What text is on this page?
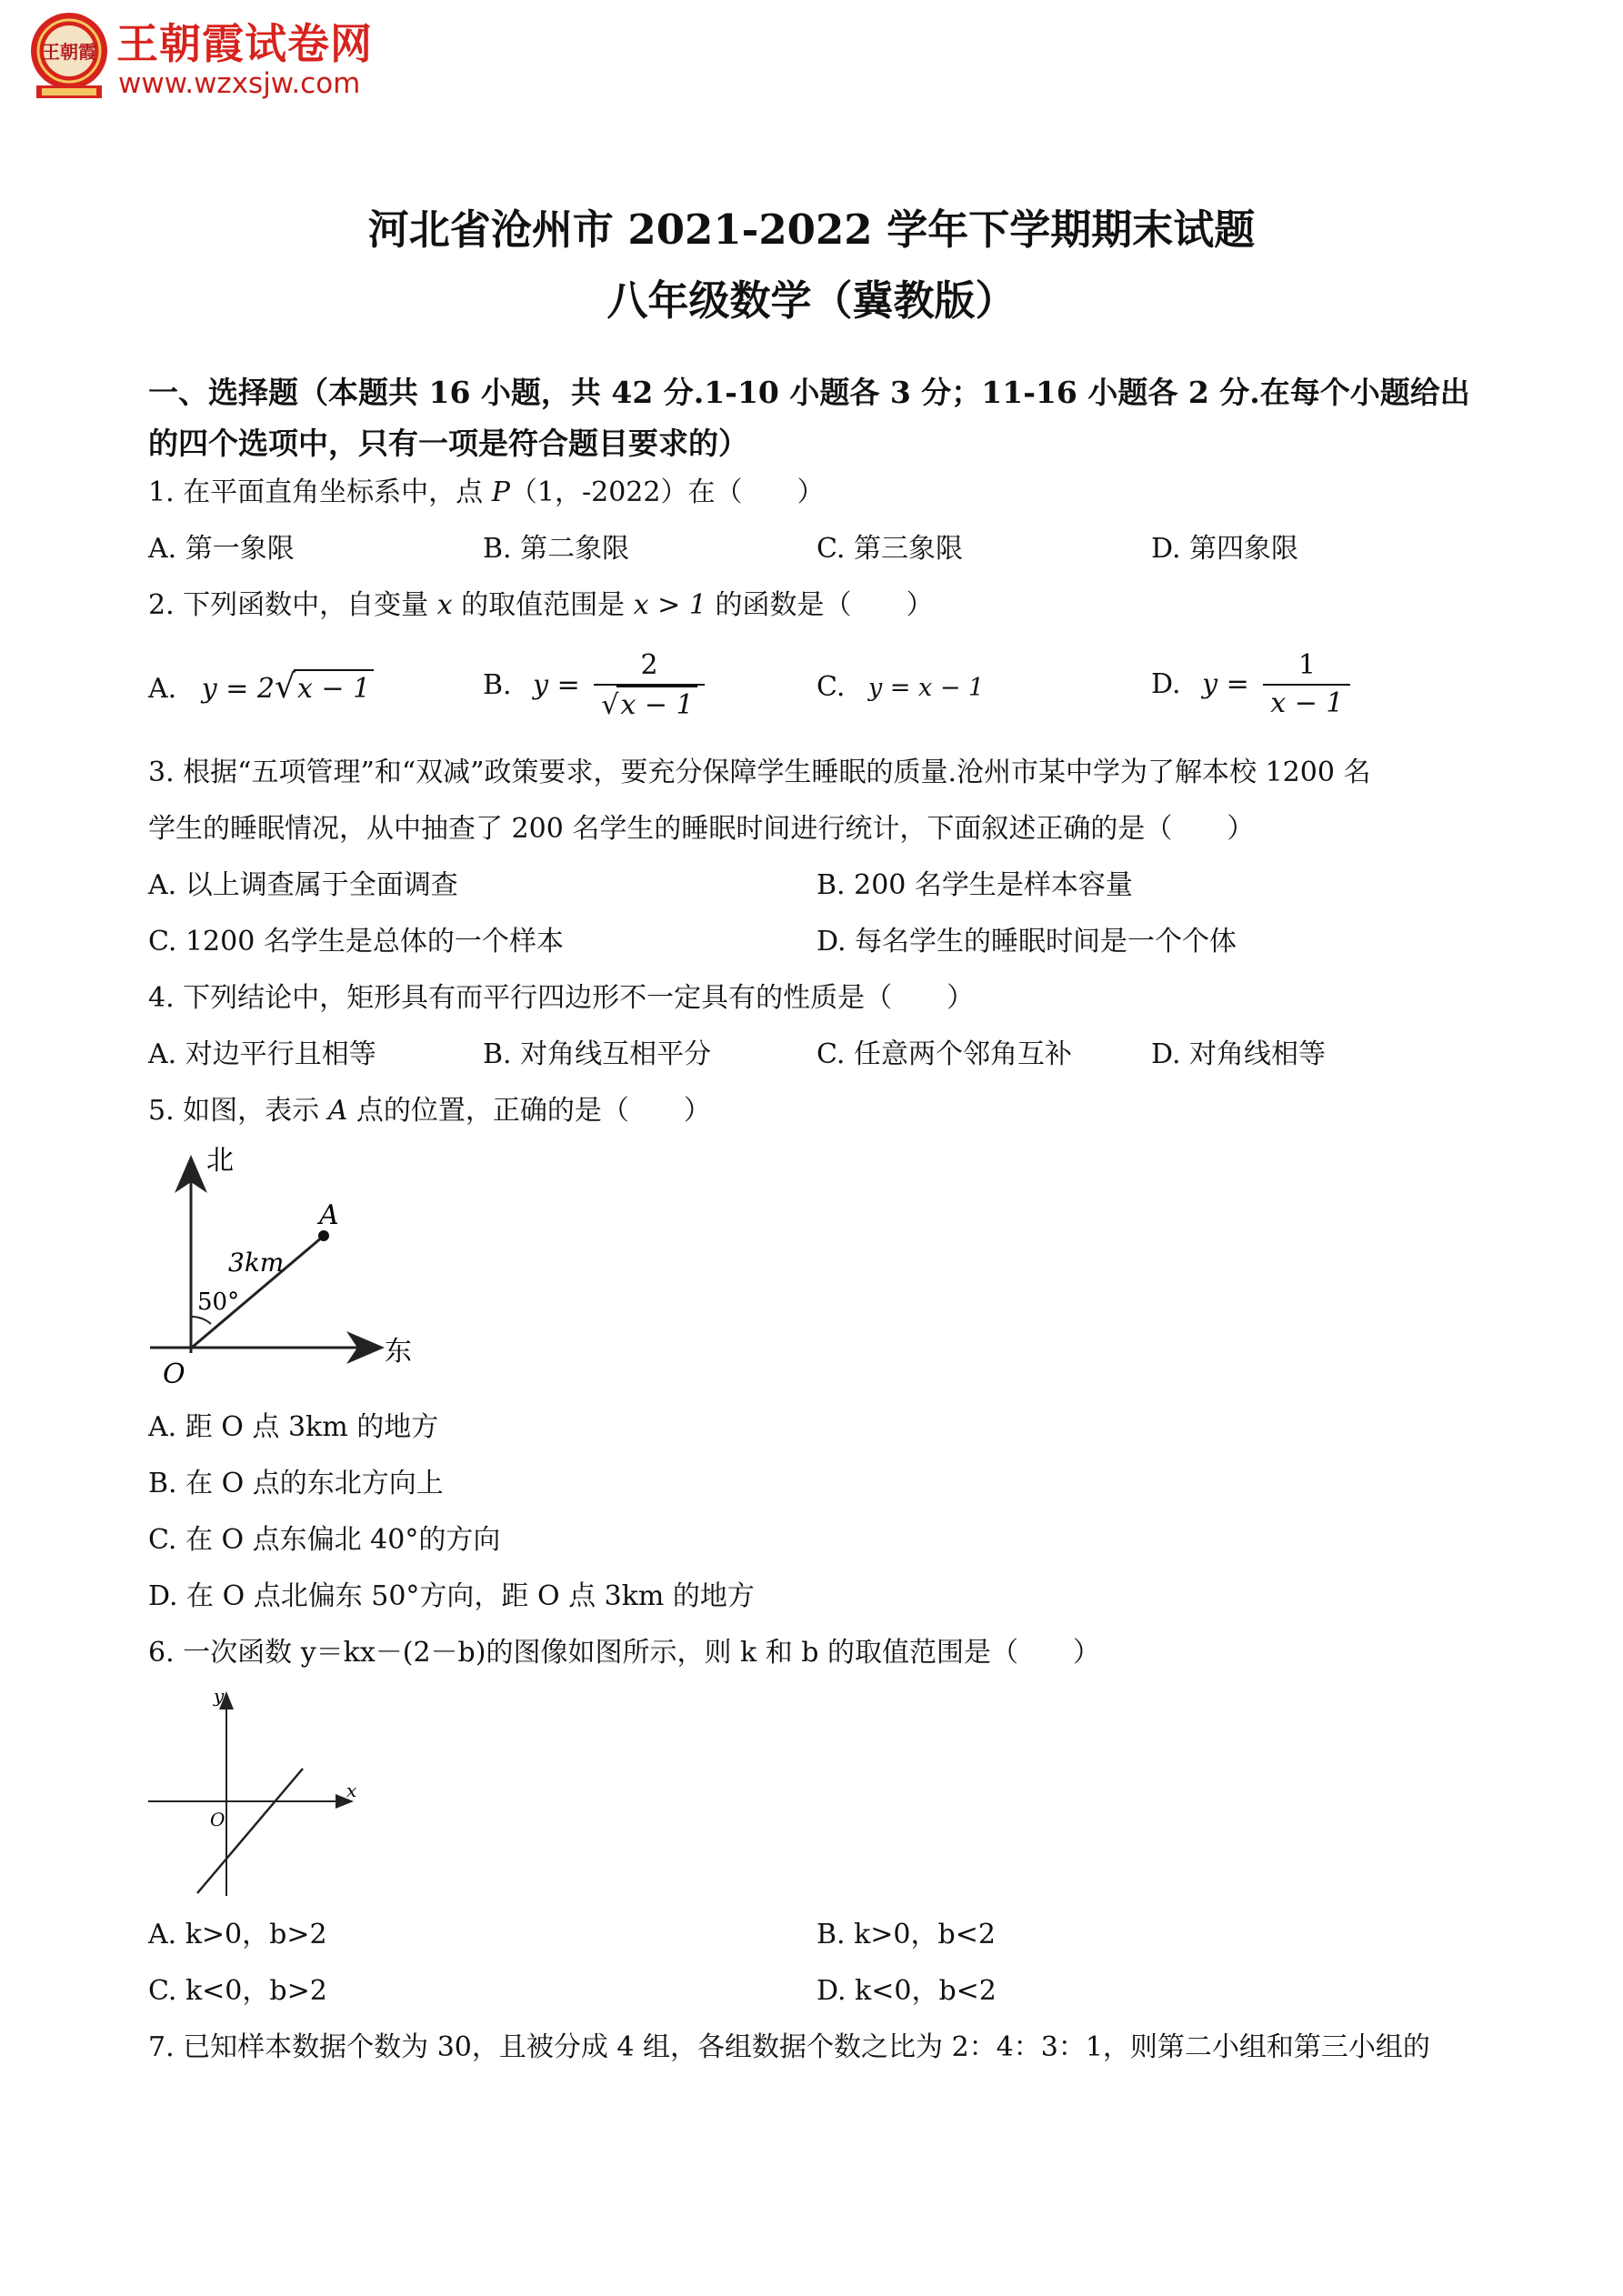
王朝霞 王朝霞试卷网
www.wzxsjw.com
河北省沧州市 2021-2022 学年下学期期末试题
八年级数学（冀教版）
一、选择题（本题共 16 小题，共 42 分.1-10 小题各 3 分；11-16 小题各 2 分.在每个小题给出
的四个选项中，只有一项是符合题目要求的）
1. 在平面直角坐标系中，点 P（1，-2022）在（　　）
A. 第一象限	B. 第二象限	C. 第三象限	D. 第四象限
2. 下列函数中，自变量 x 的取值范围是 x > 1 的函数是（　　）
A. y = 2√x − 1	B. $y = \frac{2}{√x - 1}$	C. y = x − 1	D. $y = \frac{1}{x - 1}$
3. 根据“五项管理”和“双减”政策要求，要充分保障学生睡眠的质量.沧州市某中学为了解本校 1200 名
学生的睡眠情况，从中抽查了 200 名学生的睡眠时间进行统计，下面叙述正确的是（　　）
A. 以上调查属于全面调查	B. 200 名学生是样本容量
C. 1200 名学生是总体的一个样本	D. 每名学生的睡眠时间是一个个体
4. 下列结论中，矩形具有而平行四边形不一定具有的性质是（　　）
A. 对边平行且相等	B. 对角线互相平分	C. 任意两个邻角互补	D. 对角线相等
5. 如图，表示 A 点的位置，正确的是（　　）
北
东
O
A
3km
50°
A. 距 O 点 3km 的地方
B. 在 O 点的东北方向上
C. 在 O 点东偏北 40°的方向
D. 在 O 点北偏东 50°方向，距 O 点 3km 的地方
6. 一次函数 y＝kx－(2－b)的图像如图所示，则 k 和 b 的取值范围是（　　）
y
x
O
A. k>0，b>2	B. k>0，b<2
C. k<0，b>2	D. k<0，b<2
7. 已知样本数据个数为 30，且被分成 4 组，各组数据个数之比为 2：4：3：1，则第二小组和第三小组的
